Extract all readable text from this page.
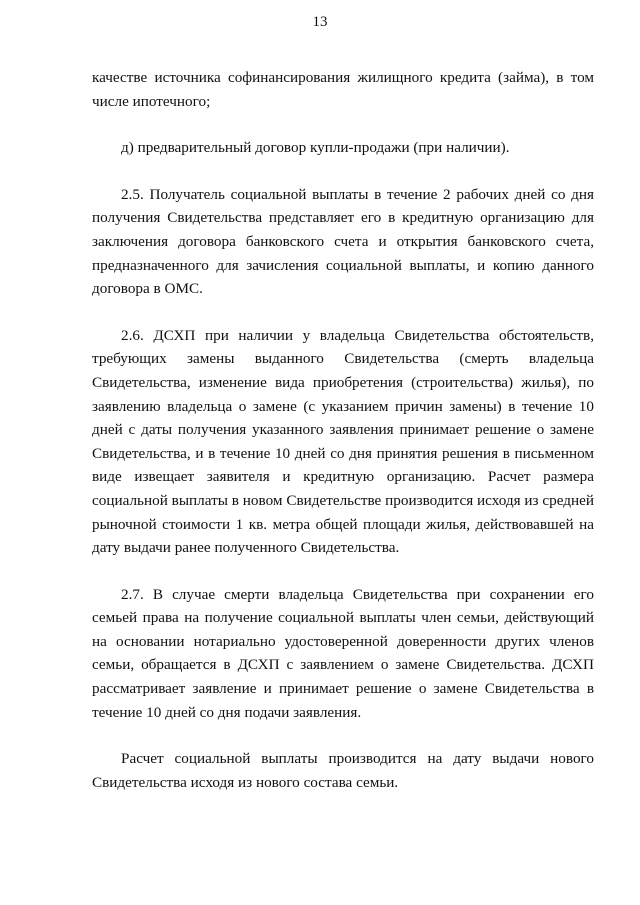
13

качестве источника софинансирования жилищного кредита (займа), в том числе ипотечного;

д) предварительный договор купли-продажи (при наличии).

2.5. Получатель социальной выплаты в течение 2 рабочих дней со дня получения Свидетельства представляет его в кредитную организацию для заключения договора банковского счета и открытия банковского счета, предназначенного для зачисления социальной выплаты, и копию данного договора в ОМС.

2.6. ДСХП при наличии у владельца Свидетельства обстоятельств, требующих замены выданного Свидетельства (смерть владельца Свидетельства, изменение вида приобретения (строительства) жилья), по заявлению владельца о замене (с указанием причин замены) в течение 10 дней с даты получения указанного заявления принимает решение о замене Свидетельства, и в течение 10 дней со дня принятия решения в письменном виде извещает заявителя и кредитную организацию. Расчет размера социальной выплаты в новом Свидетельстве производится исходя из средней рыночной стоимости 1 кв. метра общей площади жилья, действовавшей на дату выдачи ранее полученного Свидетельства.

2.7. В случае смерти владельца Свидетельства при сохранении его семьей права на получение социальной выплаты член семьи, действующий на основании нотариально удостоверенной доверенности других членов семьи, обращается в ДСХП с заявлением о замене Свидетельства. ДСХП рассматривает заявление и принимает решение о замене Свидетельства в течение 10 дней со дня подачи заявления.

Расчет социальной выплаты производится на дату выдачи нового Свидетельства исходя из нового состава семьи.
